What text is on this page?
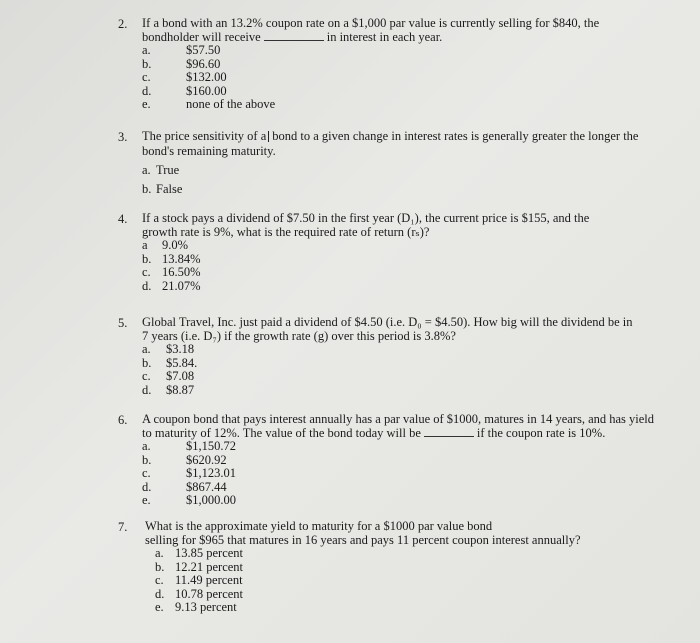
2. If a bond with an 13.2% coupon rate on a $1,000 par value is currently selling for $840, the

bondholder will receive	in interest in each year.

a.	$57.50
b.	$96.60
c.	$132.00
d.	$160.00
e.	none of the above
3. The price sensitivity of a bond to a given change in interest rates is generally greater the longer the

bond's remaining maturity.

a. True
b. False
4. If a stock pays a dividend of $7.50 in the first year (D₁), the current price is $155, and the

growth rate is 9%, what is the required rate of return (rₛ)?

a	9.0%
b. 13.84%
c. 16.50%
d. 21.07%
5. Global Travel, Inc. just paid a dividend of $4.50 (i.e. D₀ = $4.50). How big will the dividend be in

7 years (i.e. D₇) if the growth rate (g) over this period is 3.8%?

a.	$3.18
b.	$5.84.
c.	$7.08
d.	$8.87
6. A coupon bond that pays interest annually has a par value of $1000, matures in 14 years, and has yield

to maturity of 12%. The value of the bond today will be	if the coupon rate is 10%.

a.	$1,150.72
b.	$620.92
c.	$1,123.01
d.	$867.44
e.	$1,000.00
7. What is the approximate yield to maturity for a $1000 par value bond

selling for $965 that matures in 16 years and pays 11 percent coupon interest annually?

a. 13.85 percent
b. 12.21 percent
c. 11.49 percent
d. 10.78 percent
e. 9.13 percent
